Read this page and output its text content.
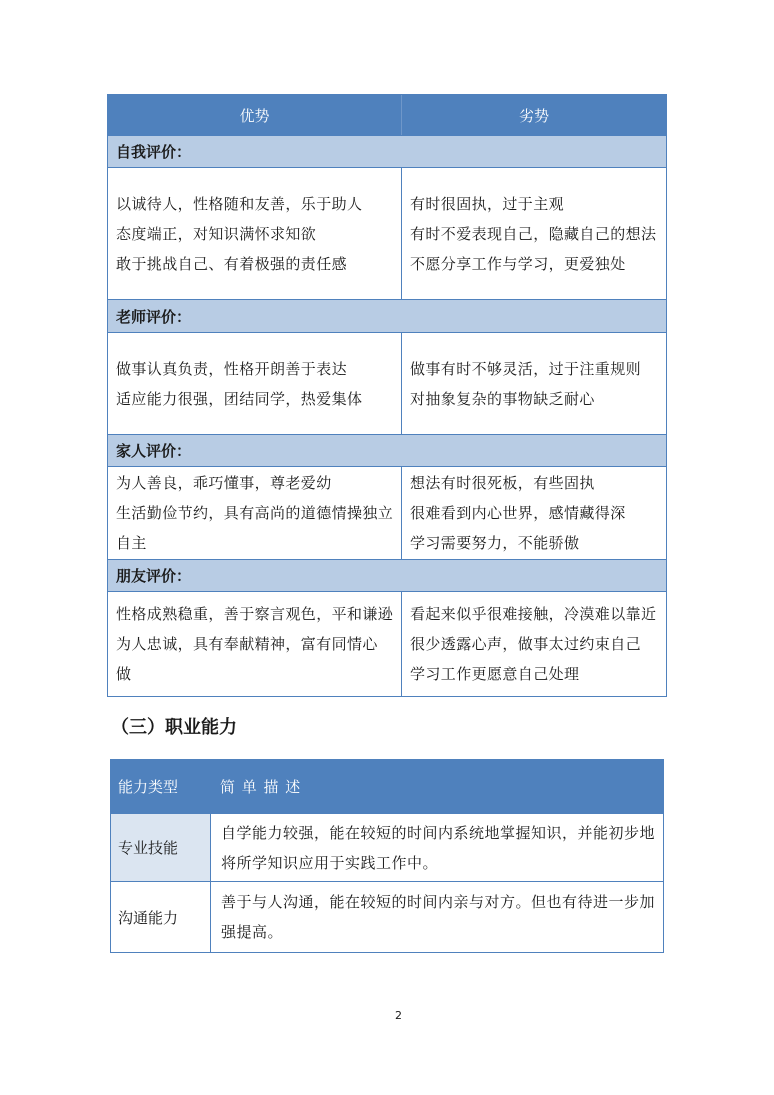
优势	劣势
自我评价：
以诚待人，性格随和友善，乐于助人
态度端正，对知识满怀求知欲
敢于挑战自己、有着极强的责任感
有时很固执，过于主观
有时不爱表现自己，隐藏自己的想法
不愿分享工作与学习，更爱独处
老师评价：
做事认真负责，性格开朗善于表达
适应能力很强，团结同学，热爱集体
做事有时不够灵活，过于注重规则
对抽象复杂的事物缺乏耐心
家人评价：
为人善良，乖巧懂事，尊老爱幼
生活勤俭节约，具有高尚的道德情操独立
自主
想法有时很死板，有些固执
很难看到内心世界，感情藏得深
学习需要努力，不能骄傲
朋友评价：
性格成熟稳重，善于察言观色，平和谦逊
为人忠诚，具有奉献精神，富有同情心
做
看起来似乎很难接触，冷漠难以靠近
很少透露心声，做事太过约束自己
学习工作更愿意自己处理
（三）职业能力
能力类型	简 单 描 述
专业技能
自学能力较强，能在较短的时间内系统地掌握知识，并能初步地
将所学知识应用于实践工作中。
沟通能力
善于与人沟通，能在较短的时间内亲与对方。但也有待进一步加
强提高。
2
